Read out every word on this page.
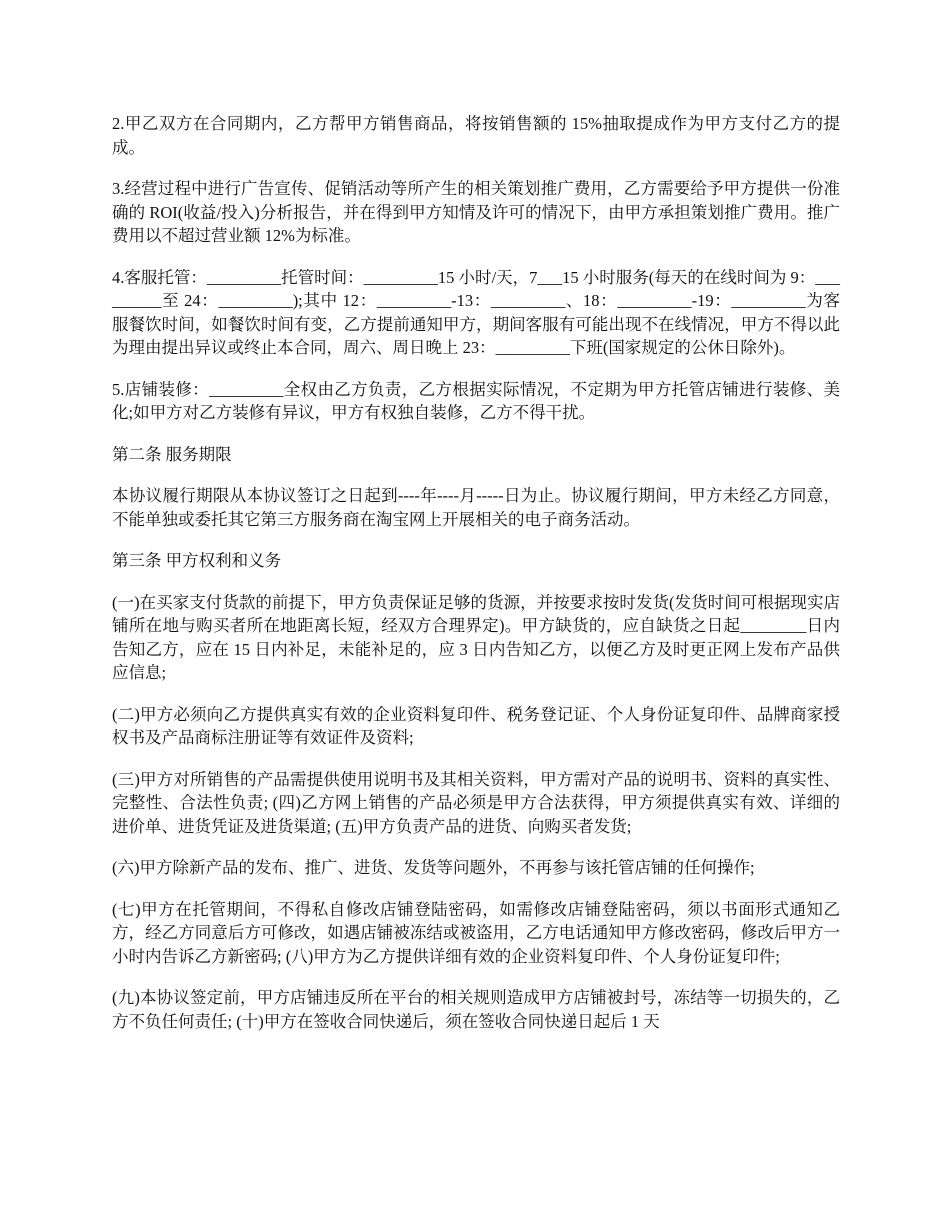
2.甲乙双方在合同期内，乙方帮甲方销售商品，将按销售额的 15%抽取提成作为甲方支付乙方的提成。

3.经营过程中进行广告宣传、促销活动等所产生的相关策划推广费用，乙方需要给予甲方提供一份准确的 ROI(收益/投入)分析报告，并在得到甲方知情及许可的情况下，由甲方承担策划推广费用。推广费用以不超过营业额 12%为标准。

4.客服托管：_________托管时间：_________15 小时/天，7___15 小时服务(每天的在线时间为 9：_________至 24：_________);其中 12：_________-13：_________、18：_________-19：_________为客服餐饮时间，如餐饮时间有变，乙方提前通知甲方，期间客服有可能出现不在线情况，甲方不得以此为理由提出异议或终止本合同，周六、周日晚上 23：_________下班(国家规定的公休日除外)。

5.店铺装修：_________全权由乙方负责，乙方根据实际情况，不定期为甲方托管店铺进行装修、美化;如甲方对乙方装修有异议，甲方有权独自装修，乙方不得干扰。

第二条 服务期限

本协议履行期限从本协议签订之日起到----年----月-----日为止。协议履行期间，甲方未经乙方同意，不能单独或委托其它第三方服务商在淘宝网上开展相关的电子商务活动。

第三条 甲方权利和义务

(一)在买家支付货款的前提下，甲方负责保证足够的货源，并按要求按时发货(发货时间可根据现实店铺所在地与购买者所在地距离长短，经双方合理界定)。甲方缺货的，应自缺货之日起________日内告知乙方，应在 15 日内补足，未能补足的，应 3 日内告知乙方，以便乙方及时更正网上发布产品供应信息;

(二)甲方必须向乙方提供真实有效的企业资料复印件、税务登记证、个人身份证复印件、品牌商家授权书及产品商标注册证等有效证件及资料;

(三)甲方对所销售的产品需提供使用说明书及其相关资料，甲方需对产品的说明书、资料的真实性、完整性、合法性负责; (四)乙方网上销售的产品必须是甲方合法获得，甲方须提供真实有效、详细的进价单、进货凭证及进货渠道; (五)甲方负责产品的进货、向购买者发货;

(六)甲方除新产品的发布、推广、进货、发货等问题外，不再参与该托管店铺的任何操作;

(七)甲方在托管期间，不得私自修改店铺登陆密码，如需修改店铺登陆密码，须以书面形式通知乙方，经乙方同意后方可修改，如遇店铺被冻结或被盗用，乙方电话通知甲方修改密码，修改后甲方一小时内告诉乙方新密码; (八)甲方为乙方提供详细有效的企业资料复印件、个人身份证复印件;

(九)本协议签定前，甲方店铺违反所在平台的相关规则造成甲方店铺被封号，冻结等一切损失的，乙方不负任何责任; (十)甲方在签收合同快递后，须在签收合同快递日起后 1 天
